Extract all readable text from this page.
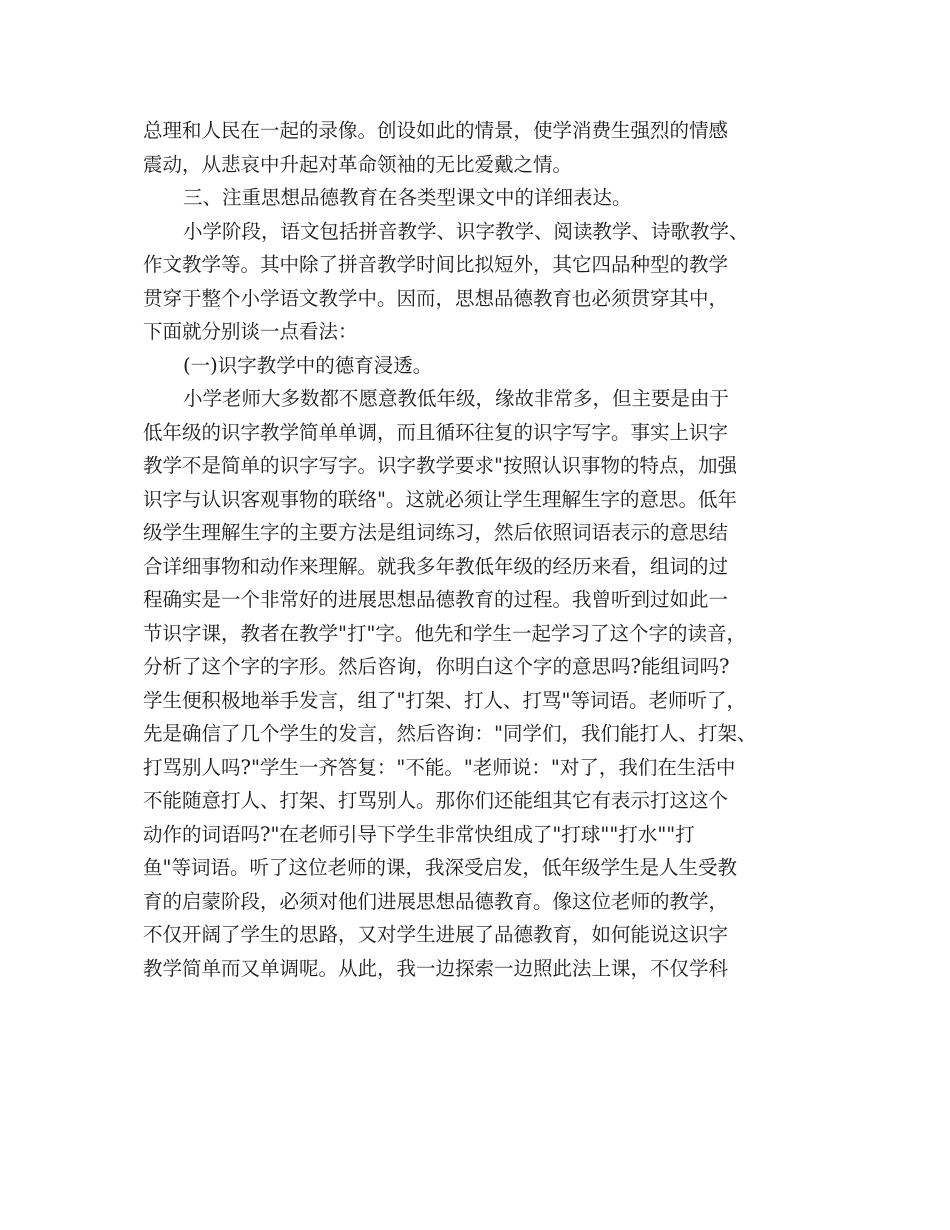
总理和人民在一起的录像。创设如此的情景，使学消费生强烈的情感
震动，从悲哀中升起对革命领袖的无比爱戴之情。
三、注重思想品德教育在各类型课文中的详细表达。
小学阶段，语文包括拼音教学、识字教学、阅读教学、诗歌教学、
作文教学等。其中除了拼音教学时间比拟短外，其它四品种型的教学
贯穿于整个小学语文教学中。因而，思想品德教育也必须贯穿其中，
下面就分别谈一点看法：
(一)识字教学中的德育浸透。
小学老师大多数都不愿意教低年级，缘故非常多，但主要是由于
低年级的识字教学简单单调，而且循环往复的识字写字。事实上识字
教学不是简单的识字写字。识字教学要求"按照认识事物的特点，加强
识字与认识客观事物的联络"。这就必须让学生理解生字的意思。低年
级学生理解生字的主要方法是组词练习，然后依照词语表示的意思结
合详细事物和动作来理解。就我多年教低年级的经历来看，组词的过
程确实是一个非常好的进展思想品德教育的过程。我曾听到过如此一
节识字课，教者在教学"打"字。他先和学生一起学习了这个字的读音，
分析了这个字的字形。然后咨询，你明白这个字的意思吗?能组词吗?
学生便积极地举手发言，组了"打架、打人、打骂"等词语。老师听了，
先是确信了几个学生的发言，然后咨询："同学们，我们能打人、打架、
打骂别人吗?"学生一齐答复："不能。"老师说："对了，我们在生活中
不能随意打人、打架、打骂别人。那你们还能组其它有表示打这这个
动作的词语吗?"在老师引导下学生非常快组成了"打球""打水""打
鱼"等词语。听了这位老师的课，我深受启发，低年级学生是人生受教
育的启蒙阶段，必须对他们进展思想品德教育。像这位老师的教学，
不仅开阔了学生的思路，又对学生进展了品德教育，如何能说这识字
教学简单而又单调呢。从此，我一边探索一边照此法上课，不仅学科
